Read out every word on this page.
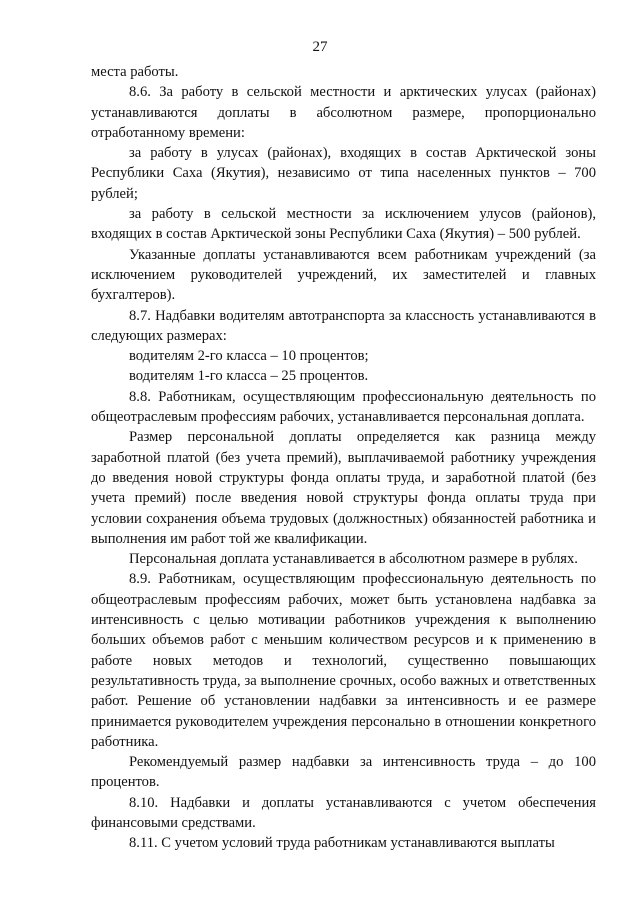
27

места работы.

8.6. За работу в сельской местности и арктических улусах (районах) устанавливаются доплаты в абсолютном размере, пропорционально отработанному времени:

за работу в улусах (районах), входящих в состав Арктической зоны Республики Саха (Якутия), независимо от типа населенных пунктов – 700 рублей;

за работу в сельской местности за исключением улусов (районов), входящих в состав Арктической зоны Республики Саха (Якутия) – 500 рублей.

Указанные доплаты устанавливаются всем работникам учреждений (за исключением руководителей учреждений, их заместителей и главных бухгалтеров).

8.7. Надбавки водителям автотранспорта за классность устанавливаются в следующих размерах:

водителям 2-го класса – 10 процентов;

водителям 1-го класса – 25 процентов.

8.8. Работникам, осуществляющим профессиональную деятельность по общеотраслевым профессиям рабочих, устанавливается персональная доплата.

Размер персональной доплаты определяется как разница между заработной платой (без учета премий), выплачиваемой работнику учреждения до введения новой структуры фонда оплаты труда, и заработной платой (без учета премий) после введения новой структуры фонда оплаты труда при условии сохранения объема трудовых (должностных) обязанностей работника и выполнения им работ той же квалификации.

Персональная доплата устанавливается в абсолютном размере в рублях.

8.9. Работникам, осуществляющим профессиональную деятельность по общеотраслевым профессиям рабочих, может быть установлена надбавка за интенсивность с целью мотивации работников учреждения к выполнению больших объемов работ с меньшим количеством ресурсов и к применению в работе новых методов и технологий, существенно повышающих результативность труда, за выполнение срочных, особо важных и ответственных работ. Решение об установлении надбавки за интенсивность и ее размере принимается руководителем учреждения персонально в отношении конкретного работника.

Рекомендуемый размер надбавки за интенсивность труда – до 100 процентов.

8.10. Надбавки и доплаты устанавливаются с учетом обеспечения финансовыми средствами.

8.11. С учетом условий труда работникам устанавливаются выплаты
